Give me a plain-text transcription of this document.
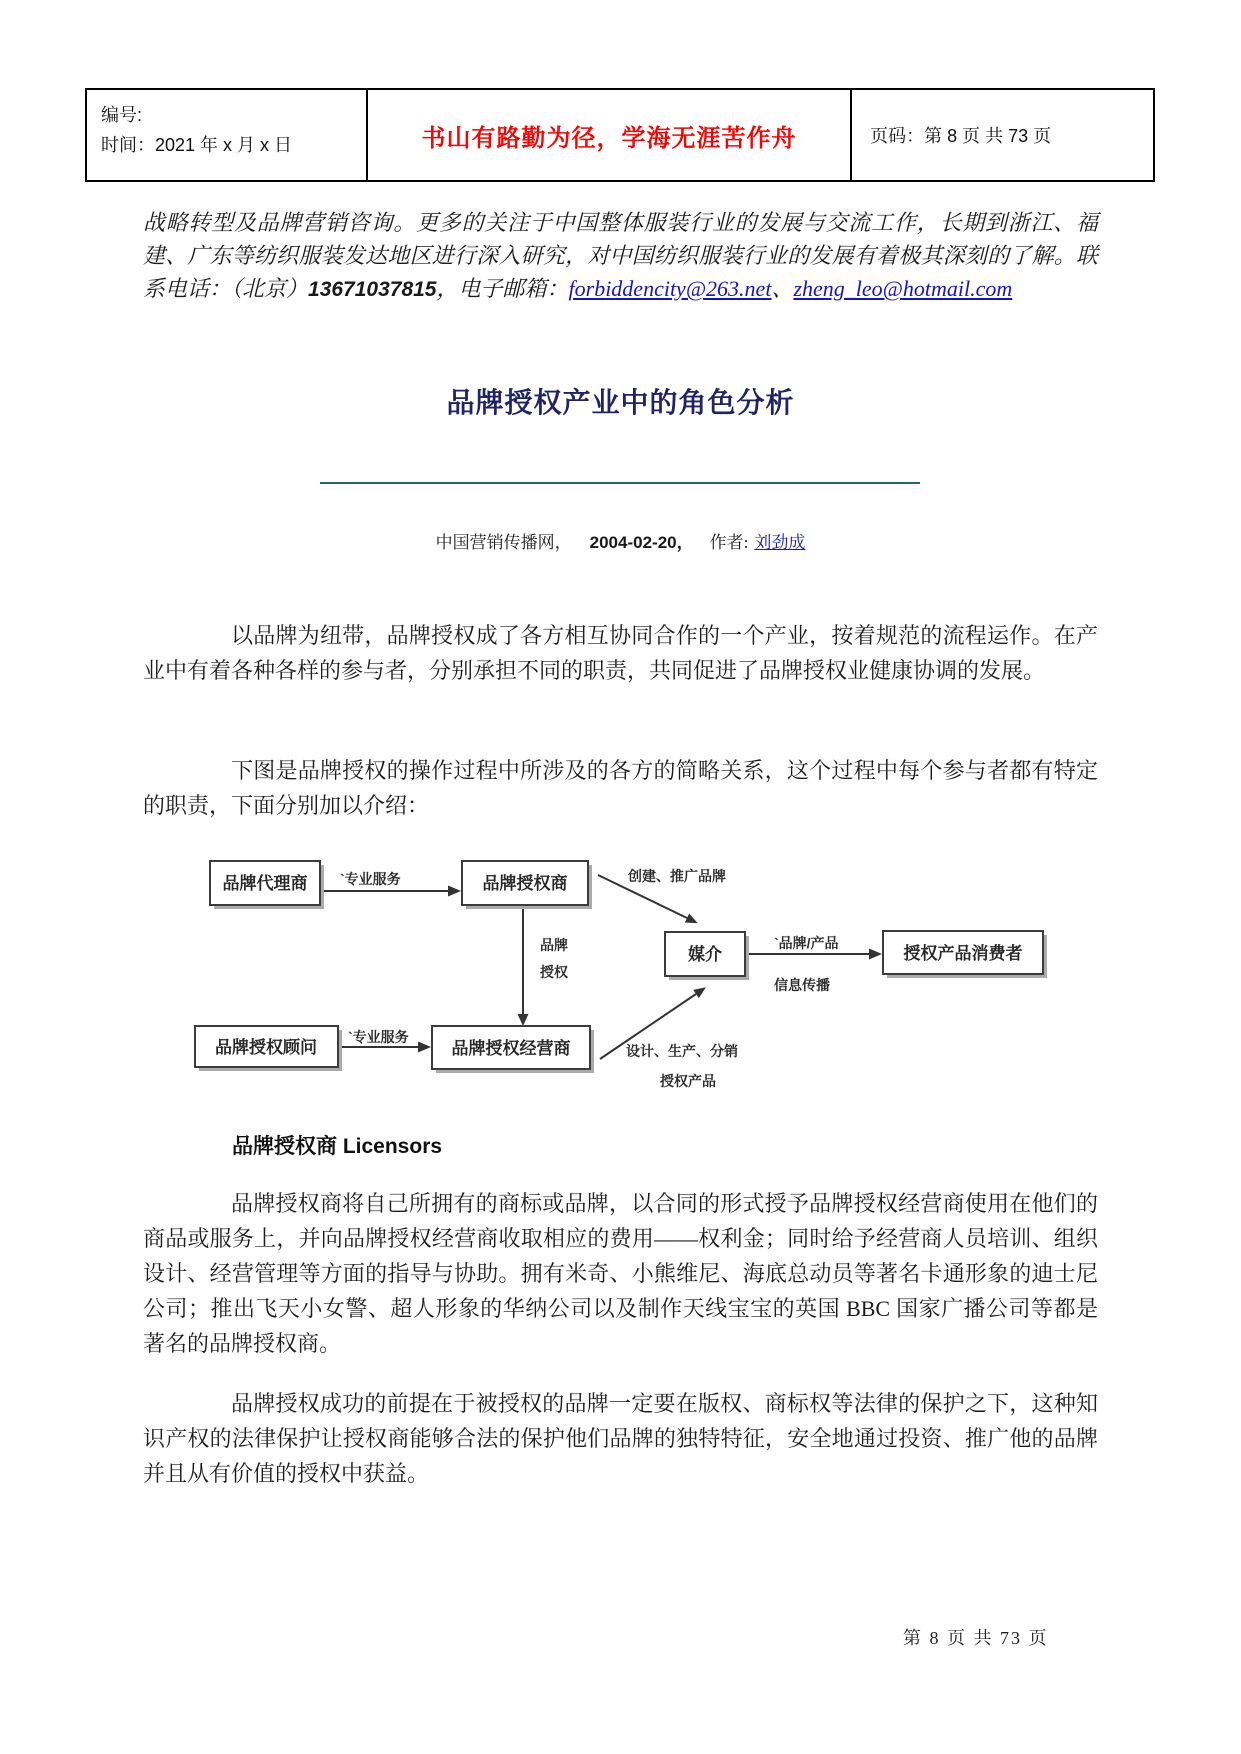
编号:
时间：2021 年 x 月 x 日	书山有路勤为径，学海无涯苦作舟	页码：第 8 页 共 73 页

战略转型及品牌营销咨询。更多的关注于中国整体服装行业的发展与交流工作，长期到浙江、福建、广东等纺织服装发达地区进行深入研究，对中国纺织服装行业的发展有着极其深刻的了解。联系电话：（北京）13671037815，电子邮箱：forbiddencity@263.net、zheng_leo@hotmail.com

品牌授权产业中的角色分析
中国营销传播网， 2004-02-20， 作者: 刘劲成

以品牌为纽带，品牌授权成了各方相互协同合作的一个产业，按着规范的流程运作。在产业中有着各种各样的参与者，分别承担不同的职责，共同促进了品牌授权业健康协调的发展。

下图是品牌授权的操作过程中所涉及的各方的简略关系，这个过程中每个参与者都有特定的职责，下面分别加以介绍：

品牌代理商	品牌授权商
媒介	授权产品消费者
品牌授权顾问	品牌授权经营商
`专业服务	创建、推广品牌
品牌
授权
`品牌/产品
信息传播
`专业服务
设计、生产、分销
授权产品
品牌授权商 Licensors

品牌授权商将自己所拥有的商标或品牌，以合同的形式授予品牌授权经营商使用在他们的商品或服务上，并向品牌授权经营商收取相应的费用——权利金；同时给予经营商人员培训、组织设计、经营管理等方面的指导与协助。拥有米奇、小熊维尼、海底总动员等著名卡通形象的迪士尼公司；推出飞天小女警、超人形象的华纳公司以及制作天线宝宝的英国 BBC 国家广播公司等都是著名的品牌授权商。

品牌授权成功的前提在于被授权的品牌一定要在版权、商标权等法律的保护之下，这种知识产权的法律保护让授权商能够合法的保护他们品牌的独特特征，安全地通过投资、推广他的品牌并且从有价值的授权中获益。

第 8 页 共 73 页
